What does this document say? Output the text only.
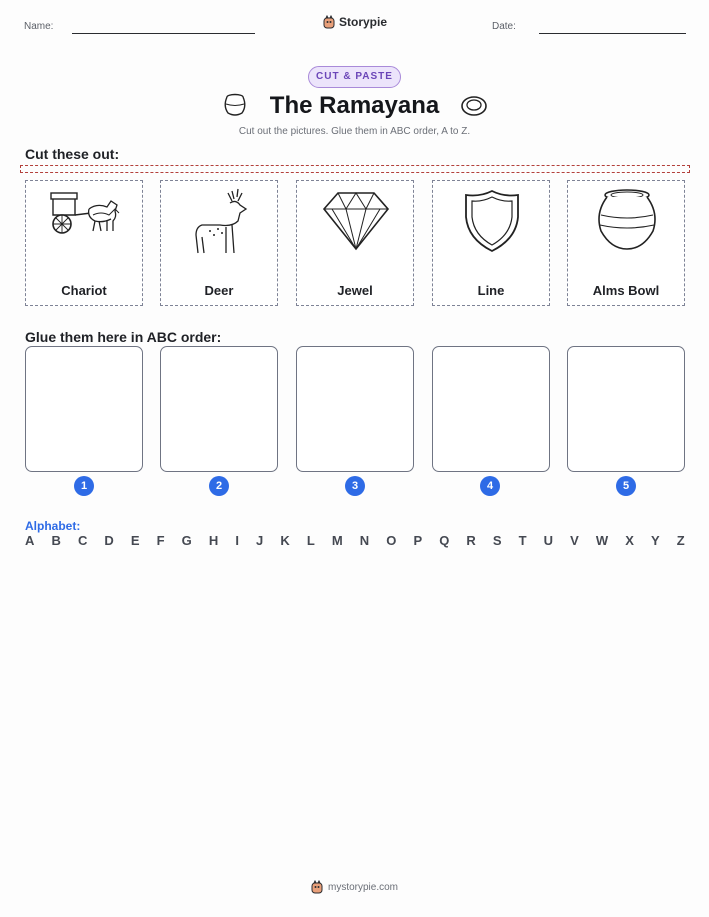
Name:	Storypie	Date:
CUT & PASTE
The Ramayana
Cut out the pictures. Glue them in ABC order, A to Z.
Cut these out:
Chariot	Deer	Jewel	Line	Alms Bowl
Glue them here in ABC order:
1	2	3	4	5
Alphabet:
A B C D E F G H I J K L M N O P Q R S T U V W X Y Z
mystorypie.com
